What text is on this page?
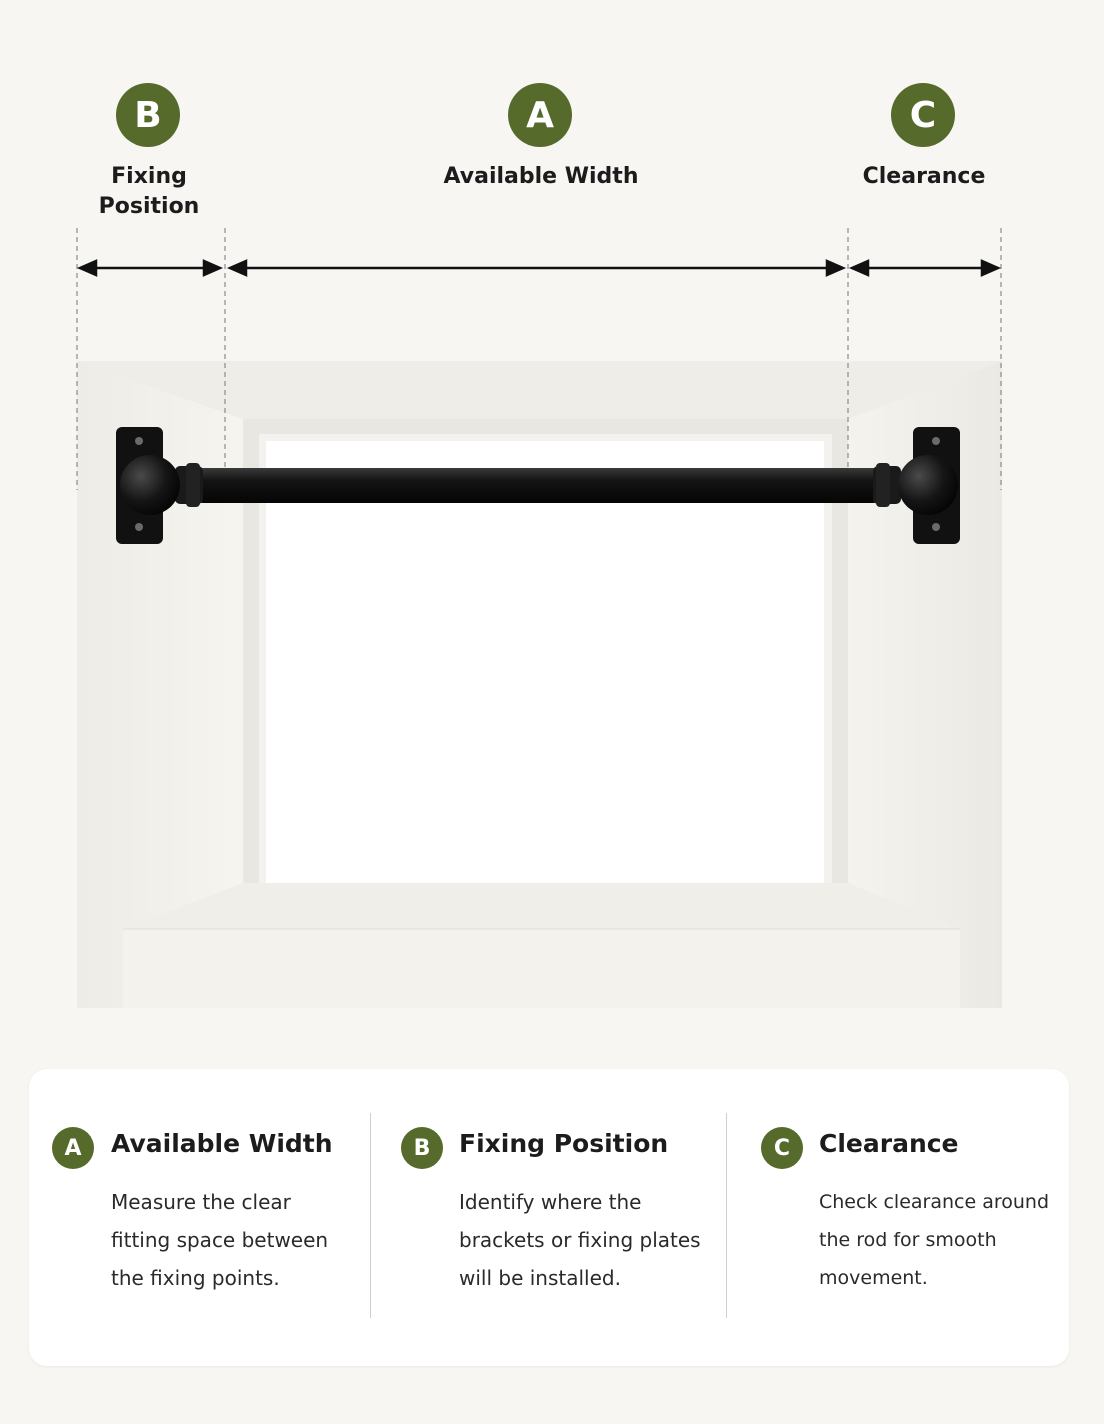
B
Fixing
Position
A
Available Width
C
Clearance
A	Available Width
Measure the clear
fitting space between
the fixing points.
B	Fixing Position
Identify where the
brackets or fixing plates
will be installed.
C	Clearance
Check clearance around
the rod for smooth
movement.
